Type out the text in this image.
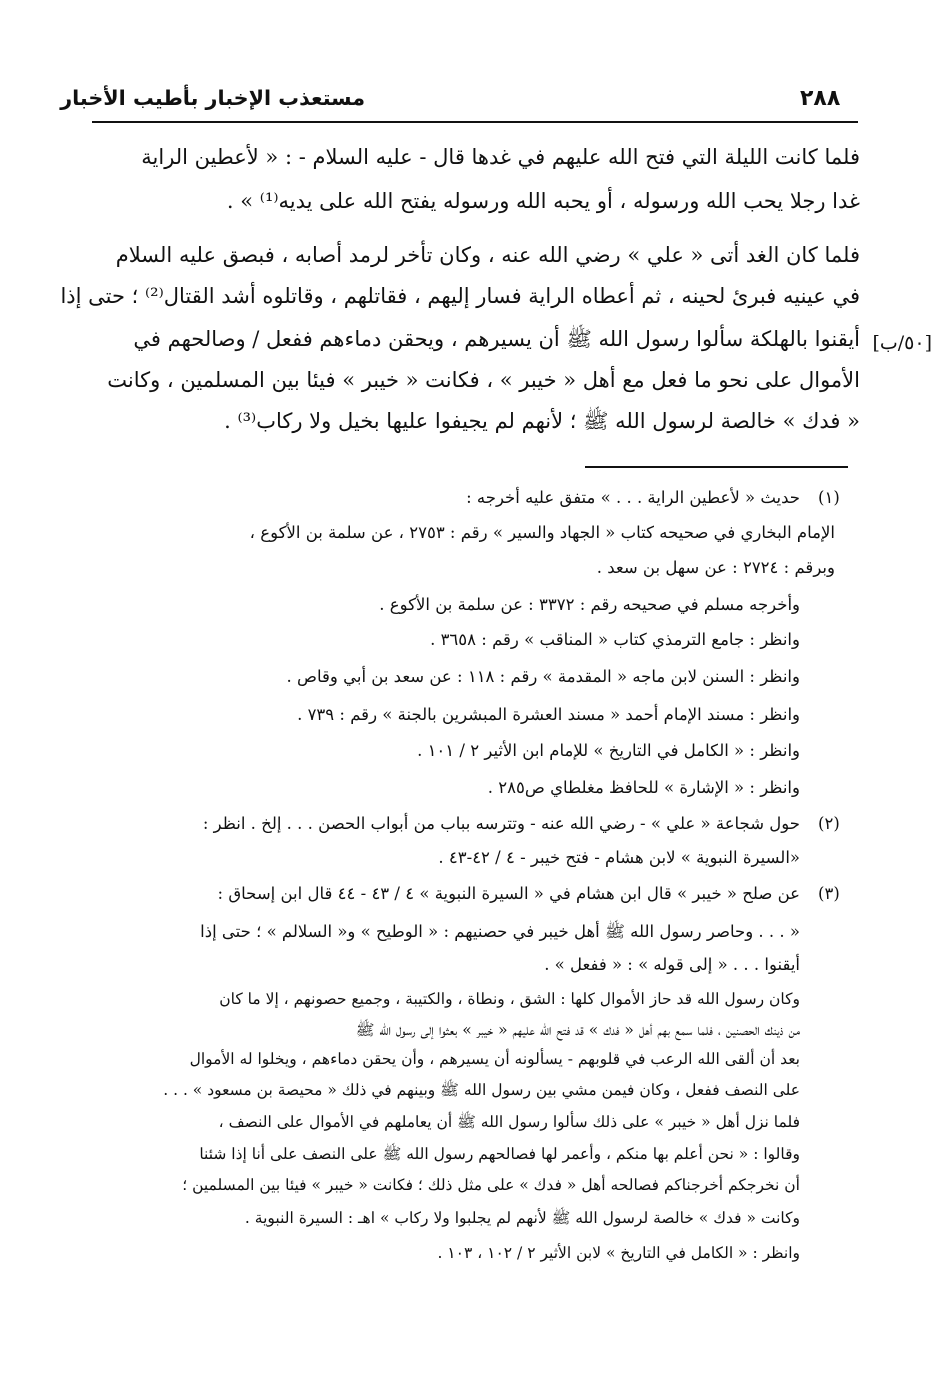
٢٨٨
مستعذب الإخبار بأطيب الأخبار
فلما كانت الليلة التي فتح الله عليهم في غدها قال - عليه السلام - : « لأعطين الراية
غدا رجلا يحب الله ورسوله ، أو يحبه الله ورسوله يفتح الله على يديه⁽¹⁾ » .
فلما كان الغد أتى « علي » رضي الله عنه ، وكان تأخر لرمد أصابه ، فبصق عليه السلام
في عينيه فبرئ لحينه ، ثم أعطاه الراية فسار إليهم ، فقاتلهم ، وقاتلوه أشد القتال⁽²⁾ ؛ حتى إذا
أيقنوا بالهلكة سألوا رسول الله ﷺ أن يسيرهم ، ويحقن دماءهم ففعل / وصالحهم في
الأموال على نحو ما فعل مع أهل « خيبر » ، فكانت « خيبر » فيئا بين المسلمين ، وكانت
« فدك » خالصة لرسول الله ﷺ ؛ لأنهم لم يجيفوا عليها بخيل ولا ركاب⁽³⁾ .
[٥٠/ب]
(١)
حديث « لأعطين الراية . . . » متفق عليه أخرجه :
الإمام البخاري في صحيحه كتاب « الجهاد والسير » رقم : ٢٧٥٣ ، عن سلمة بن الأكوع ،
وبرقم : ٢٧٢٤ : عن سهل بن سعد .
وأخرجه مسلم في صحيحه رقم : ٣٣٧٢ : عن سلمة بن الأكوع .
وانظر : جامع الترمذي كتاب « المناقب » رقم : ٣٦٥٨ .
وانظر : السنن لابن ماجه « المقدمة » رقم : ١١٨ : عن سعد بن أبي وقاص .
وانظر : مسند الإمام أحمد « مسند العشرة المبشرين بالجنة » رقم : ٧٣٩ .
وانظر : « الكامل في التاريخ » للإمام ابن الأثير ٢ / ١٠١ .
وانظر : « الإشارة » للحافظ مغلطاي ص٢٨٥ .
(٢)
حول شجاعة « علي » - رضي الله عنه - وتترسه بباب من أبواب الحصن . . . إلخ . انظر :
«السيرة النبوية » لابن هشام - فتح خيبر - ٤ / ٤٢-٤٣ .
(٣)
عن صلح « خيبر » قال ابن هشام في « السيرة النبوية » ٤ / ٤٣ - ٤٤ قال ابن إسحاق :
« . . . وحاصر رسول الله ﷺ أهل خيبر في حصنيهم : « الوطيح » و« السلالم » ؛ حتى إذا
أيقنوا . . . « إلى قوله » : « ففعل » .
وكان رسول الله قد حاز الأموال كلها : الشق ، ونطاة ، والكتيبة ، وجميع حصونهم ، إلا ما كان
من ذينك الحصنين ، فلما سمع بهم أهل « فدك » قد فتح الله عليهم « خيبر » بعثوا إلى رسول الله ﷺ
بعد أن ألقى الله الرعب في قلوبهم - يسألونه أن يسيرهم ، وأن يحقن دماءهم ، ويخلوا له الأموال
على النصف ففعل ، وكان فيمن مشي بين رسول الله ﷺ وبينهم في ذلك « محيصة بن مسعود » . . .
فلما نزل أهل « خيبر » على ذلك سألوا رسول الله ﷺ أن يعاملهم في الأموال على النصف ،
وقالوا : « نحن أعلم بها منكم ، وأعمر لها فصالحهم رسول الله ﷺ على النصف على أنا إذا شئنا
أن نخرجكم أخرجناكم فصالحه أهل « فدك » على مثل ذلك ؛ فكانت « خيبر » فيئا بين المسلمين ؛
وكانت « فدك » خالصة لرسول الله ﷺ لأنهم لم يجلبوا ولا ركاب » اهـ : السيرة النبوية .
وانظر : « الكامل في التاريخ » لابن الأثير ٢ / ١٠٢ ، ١٠٣ .
